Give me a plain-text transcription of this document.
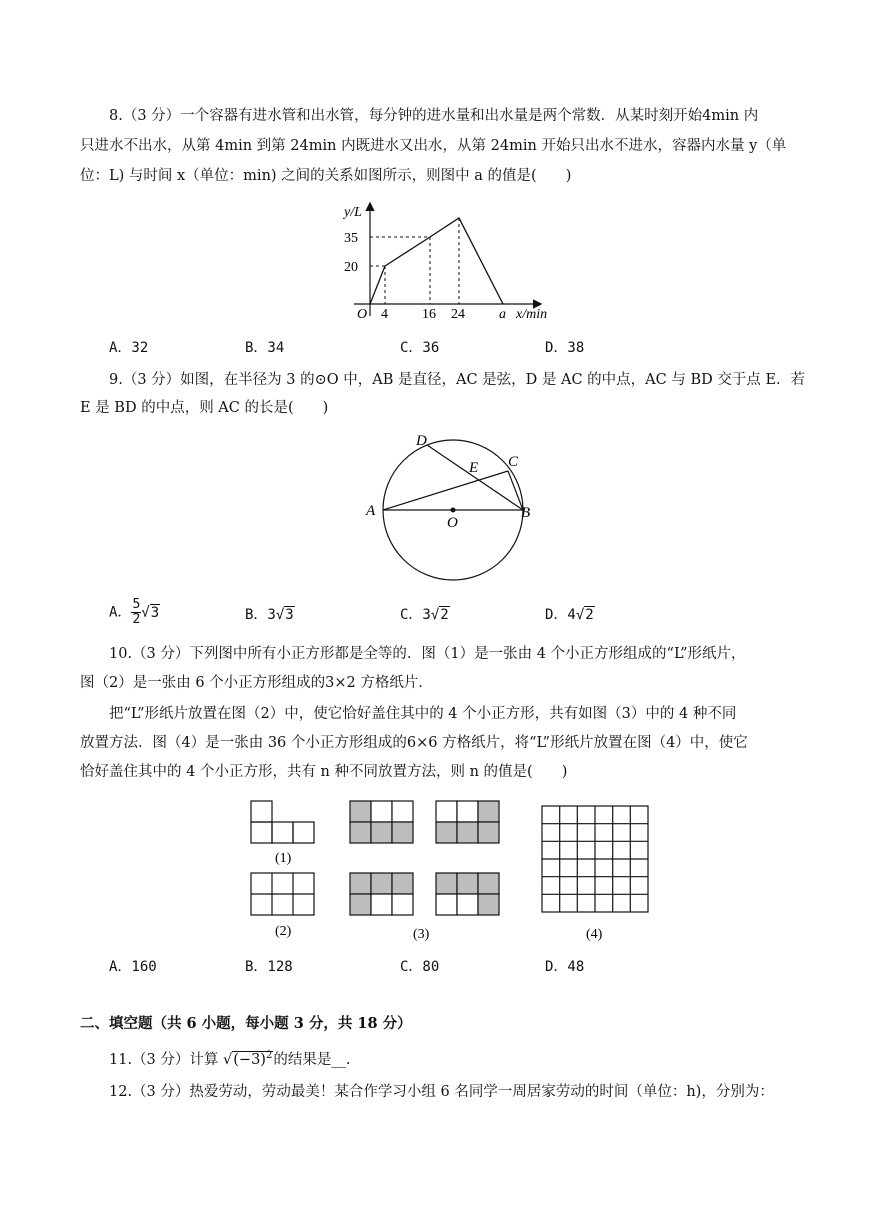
8.（3 分）一个容器有进水管和出水管，每分钟的进水量和出水量是两个常数．从某时刻开始4min 内
只进水不出水，从第 4min 到第 24min 内既进水又出水，从第 24min 开始只出水不进水，容器内水量 y（单
位：L) 与时间 x（单位：min) 之间的关系如图所示，则图中 a 的值是(　　)
y/L
35
20
O 4 16 24 a x/min
A．32	B．34	C．36	D．38
9.（3 分）如图，在半径为 3 的⊙O 中，AB 是直径，AC 是弦，D 是 AC 的中点，AC 与 BD 交于点 E．若
E 是 BD 的中点，则 AC 的长是(　　)
D
E C
A
O
B
A． $\frac{5}{2} √3$	B．3√3	C．3√2	D．4√2
10.（3 分）下列图中所有小正方形都是全等的．图（1）是一张由 4 个小正方形组成的“L”形纸片，
图（2）是一张由 6 个小正方形组成的3×2 方格纸片．
把“L”形纸片放置在图（2）中，使它恰好盖住其中的 4 个小正方形，共有如图（3）中的 4 种不同
放置方法．图（4）是一张由 36 个小正方形组成的6×6 方格纸片，将“L”形纸片放置在图（4）中，使它
恰好盖住其中的 4 个小正方形，共有 n 种不同放置方法，则 n 的值是(　　)
(1)
(2)	(3)	(4)
A．160	B．128	C．80	D．48
二、填空题（共 6 小题，每小题 3 分，共 18 分）
11.（3 分）计算 $√(-3)^2$的结果是__.
12.（3 分）热爱劳动，劳动最美！某合作学习小组 6 名同学一周居家劳动的时间（单位：h)，分别为：
